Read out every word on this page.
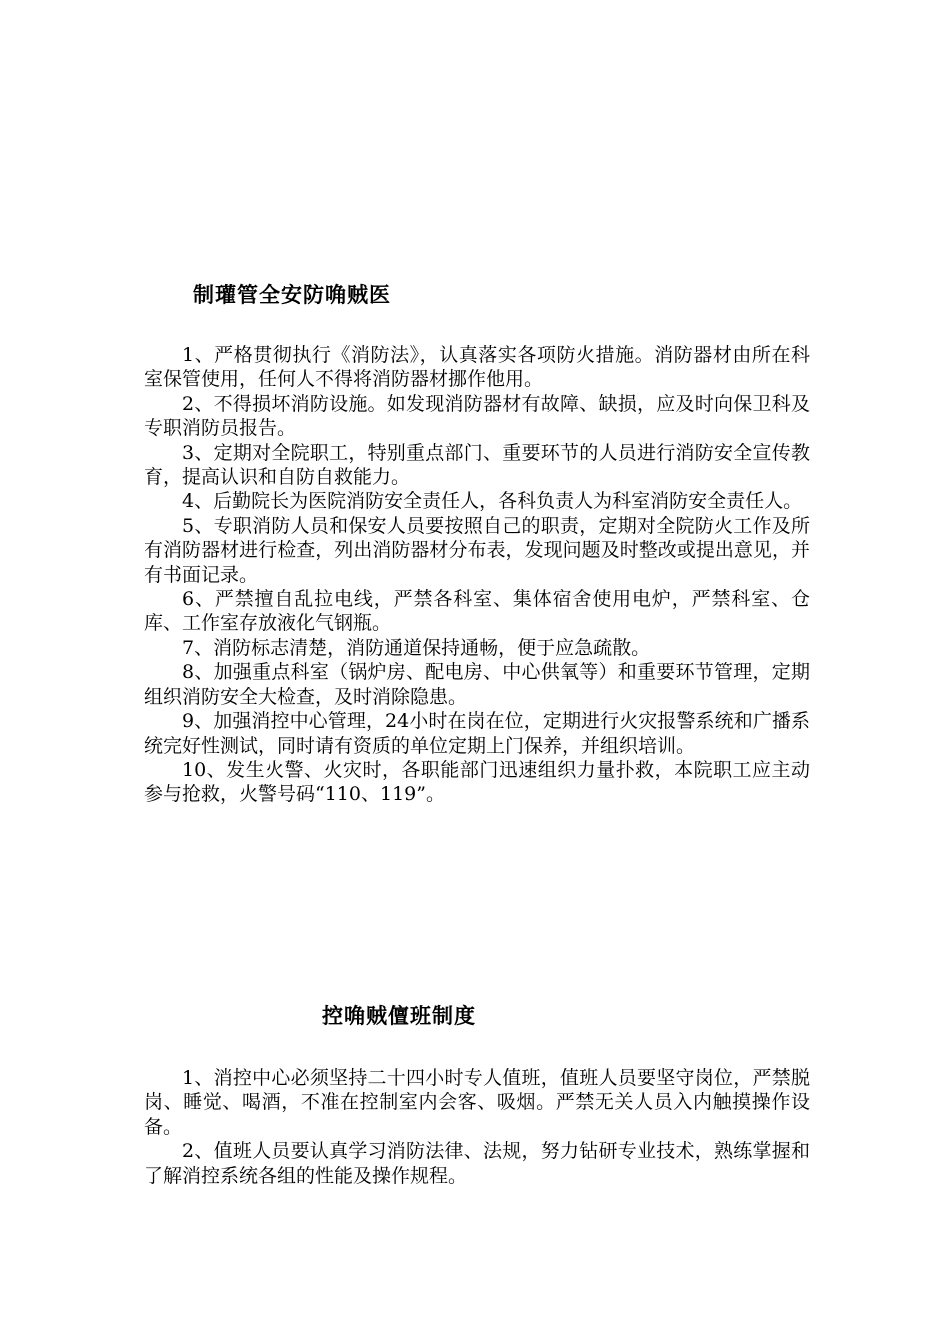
制瓘管全安防唃贼医

1、严格贯彻执行《消防法》，认真落实各项防火措施。消防器材由所在科室保管使用，任何人不得将消防器材挪作他用。

2、不得损坏消防设施。如发现消防器材有故障、缺损，应及时向保卫科及专职消防员报告。

3、定期对全院职工，特别重点部门、重要环节的人员进行消防安全宣传教育，提高认识和自防自救能力。

4、后勤院长为医院消防安全责任人，各科负责人为科室消防安全责任人。

5、专职消防人员和保安人员要按照自己的职责，定期对全院防火工作及所有消防器材进行检查，列出消防器材分布表，发现问题及时整改或提出意见，并有书面记录。

6、严禁擅自乱拉电线，严禁各科室、集体宿舍使用电炉，严禁科室、仓库、工作室存放液化气钢瓶。

7、消防标志清楚，消防通道保持通畅，便于应急疏散。

8、加强重点科室（锅炉房、配电房、中心供氧等）和重要环节管理，定期组织消防安全大检查，及时消除隐患。

9、加强消控中心管理，24小时在岗在位，定期进行火灾报警系统和广播系统完好性测试，同时请有资质的单位定期上门保养，并组织培训。

10、发生火警、火灾时，各职能部门迅速组织力量扑救，本院职工应主动参与抢救，火警号码“110、119”。

控唃贼儃班制度

1、消控中心必须坚持二十四小时专人值班，值班人员要坚守岗位，严禁脱岗、睡觉、喝酒，不准在控制室内会客、吸烟。严禁无关人员入内触摸操作设备。

2、值班人员要认真学习消防法律、法规，努力钻研专业技术，熟练掌握和了解消控系统各组的性能及操作规程。
